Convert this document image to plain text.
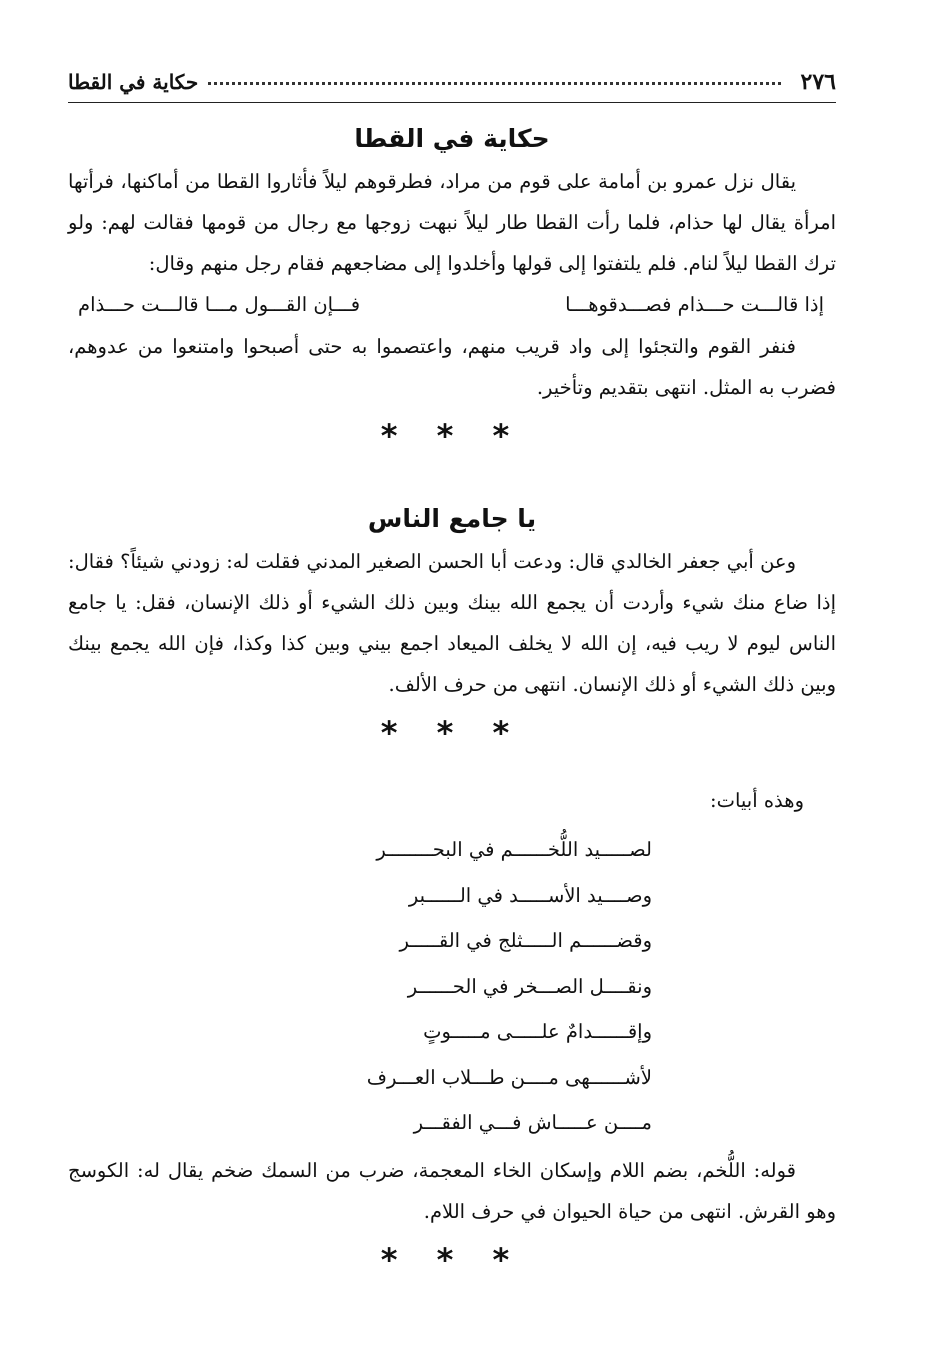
٢٧٦
حكاية في القطا
حكاية في القطا

يقال نزل عمرو بن أمامة على قوم من مراد، فطرقوهم ليلاً فأثاروا القطا من أماكنها، فرأتها امرأة يقال لها حذام، فلما رأت القطا طار ليلاً نبهت زوجها مع رجال من قومها فقالت لهم: ولو ترك القطا ليلاً لنام. فلم يلتفتوا إلى قولها وأخلدوا إلى مضاجعهم فقام رجل منهم وقال:

إذا قالـــت حـــذام فصـــدقوهـــا
فـــإن القـــول مـــا قالـــت حـــذام

فنفر القوم والتجئوا إلى واد قريب منهم، واعتصموا به حتى أصبحوا وامتنعوا من عدوهم، فضرب به المثل. انتهى بتقديم وتأخير.

* * *
يا جامع الناس

وعن أبي جعفر الخالدي قال: ودعت أبا الحسن الصغير المدني فقلت له: زودني شيئاً؟ فقال: إذا ضاع منك شيء وأردت أن يجمع الله بينك وبين ذلك الشيء أو ذلك الإنسان، فقل: يا جامع الناس ليوم لا ريب فيه، إن الله لا يخلف الميعاد اجمع بيني وبين كذا وكذا، فإن الله يجمع بينك وبين ذلك الشيء أو ذلك الإنسان. انتهى من حرف الألف.

* * *
وهذه أبيات:
لصـــــيد اللُّخــــــم في البحــــــــر
وصــــيد الأســـــد في الــــــبر
وقضــــــم الـــــثلج في القـــــر
ونقــــل الصـــخر في الحــــــر
وإقــــــدامٌ علـــــى مـــــوتٍ
لأشــــــهى مــــن طـــلاب العـــرف
مــــن عـــــاش فـــي الفقـــر

قوله: اللُّخم، بضم اللام وإسكان الخاء المعجمة، ضرب من السمك ضخم يقال له: الكوسج وهو القرش. انتهى من حياة الحيوان في حرف اللام.

* * *
